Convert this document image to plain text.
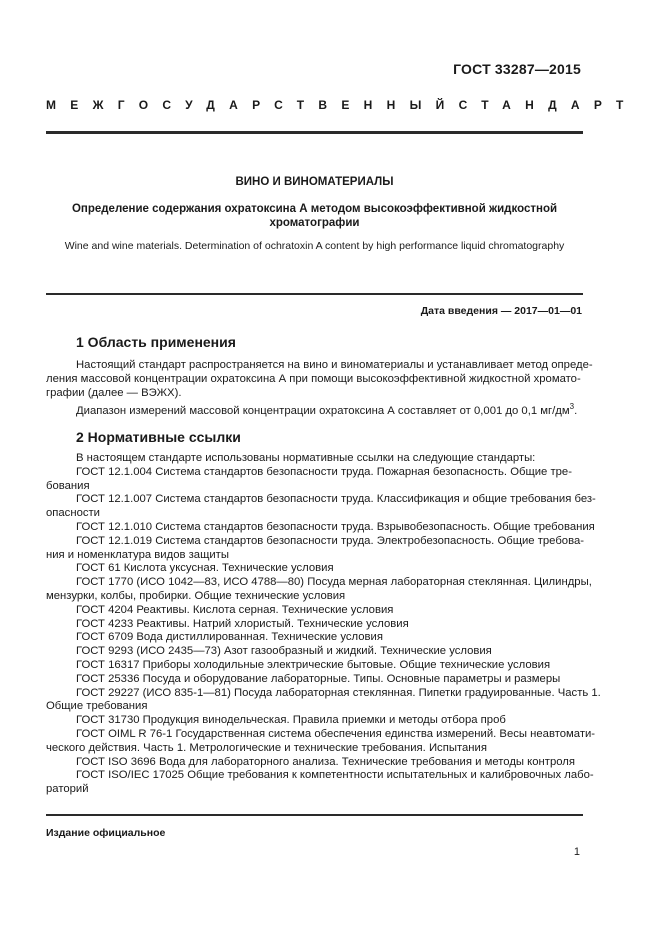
ГОСТ 33287—2015
МЕЖГОСУДАРСТВЕННЫЙ СТАНДАРТ
ВИНО И ВИНОМАТЕРИАЛЫ
Определение содержания охратоксина А методом высокоэффективной жидкостной
хроматографии
Wine and wine materials. Determination of ochratoxin A content by high performance liquid chromatography
Дата введения — 2017—01—01
1 Область применения
Настоящий стандарт распространяется на вино и виноматериалы и устанавливает метод опреде-
ления массовой концентрации охратоксина А при помощи высокоэффективной жидкостной хромато-
графии (далее — ВЭЖХ).
Диапазон измерений массовой концентрации охратоксина А составляет от 0,001 до 0,1 $мг/дм^3$.
2 Нормативные ссылки
В настоящем стандарте использованы нормативные ссылки на следующие стандарты:
ГОСТ 12.1.004 Система стандартов безопасности труда. Пожарная безопасность. Общие тре-
бования
ГОСТ 12.1.007 Система стандартов безопасности труда. Классификация и общие требования без-
опасности
ГОСТ 12.1.010 Система стандартов безопасности труда. Взрывобезопасность. Общие требования
ГОСТ 12.1.019 Система стандартов безопасности труда. Электробезопасность. Общие требова-
ния и номенклатура видов защиты
ГОСТ 61 Кислота уксусная. Технические условия
ГОСТ 1770 (ИСО 1042—83, ИСО 4788—80) Посуда мерная лабораторная стеклянная. Цилиндры,
мензурки, колбы, пробирки. Общие технические условия
ГОСТ 4204 Реактивы. Кислота серная. Технические условия
ГОСТ 4233 Реактивы. Натрий хлористый. Технические условия
ГОСТ 6709 Вода дистиллированная. Технические условия
ГОСТ 9293 (ИСО 2435—73) Азот газообразный и жидкий. Технические условия
ГОСТ 16317 Приборы холодильные электрические бытовые. Общие технические условия
ГОСТ 25336 Посуда и оборудование лабораторные. Типы. Основные параметры и размеры
ГОСТ 29227 (ИСО 835-1—81) Посуда лабораторная стеклянная. Пипетки градуированные. Часть 1.
Общие требования
ГОСТ 31730 Продукция винодельческая. Правила приемки и методы отбора проб
ГОСТ OIML R 76-1 Государственная система обеспечения единства измерений. Весы неавтомати-
ческого действия. Часть 1. Метрологические и технические требования. Испытания
ГОСТ ISO 3696 Вода для лабораторного анализа. Технические требования и методы контроля
ГОСТ ISO/IEC 17025 Общие требования к компетентности испытательных и калибровочных лабо-
раторий
Издание официальное
1
